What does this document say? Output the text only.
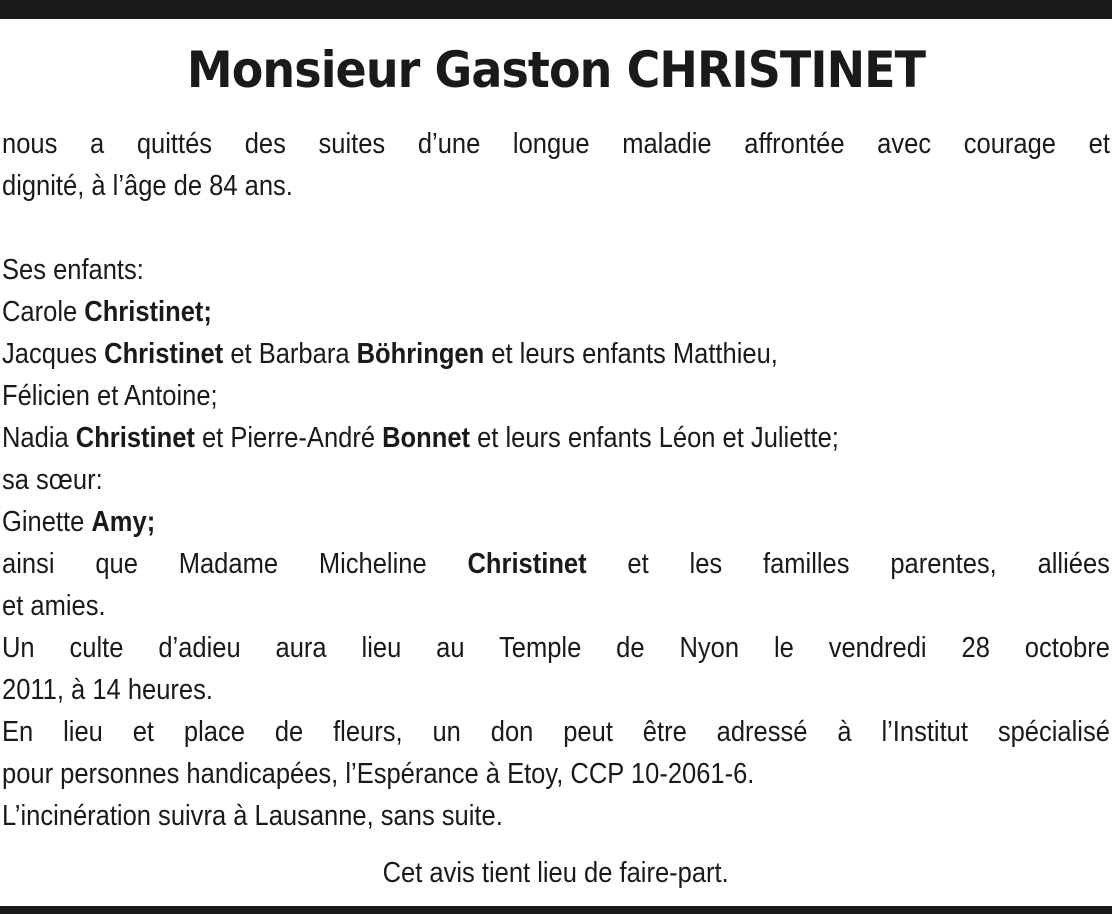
Monsieur Gaston CHRISTINET
nous a quittés des suites d’une longue maladie affrontée avec courage et
dignité, à l’âge de 84 ans.
Ses enfants:
Carole Christinet;
Jacques Christinet et Barbara Böhringen et leurs enfants Matthieu,
Félicien et Antoine;
Nadia Christinet et Pierre-André Bonnet et leurs enfants Léon et Juliette;
sa sœur:
Ginette Amy;
ainsi que Madame Micheline Christinet et les familles parentes, alliées
et amies.
Un culte d’adieu aura lieu au Temple de Nyon le vendredi 28 octobre
2011, à 14 heures.
En lieu et place de fleurs, un don peut être adressé à l’Institut spécialisé
pour personnes handicapées, l’Espérance à Etoy, CCP 10-2061-6.
L’incinération suivra à Lausanne, sans suite.
Cet avis tient lieu de faire-part.
